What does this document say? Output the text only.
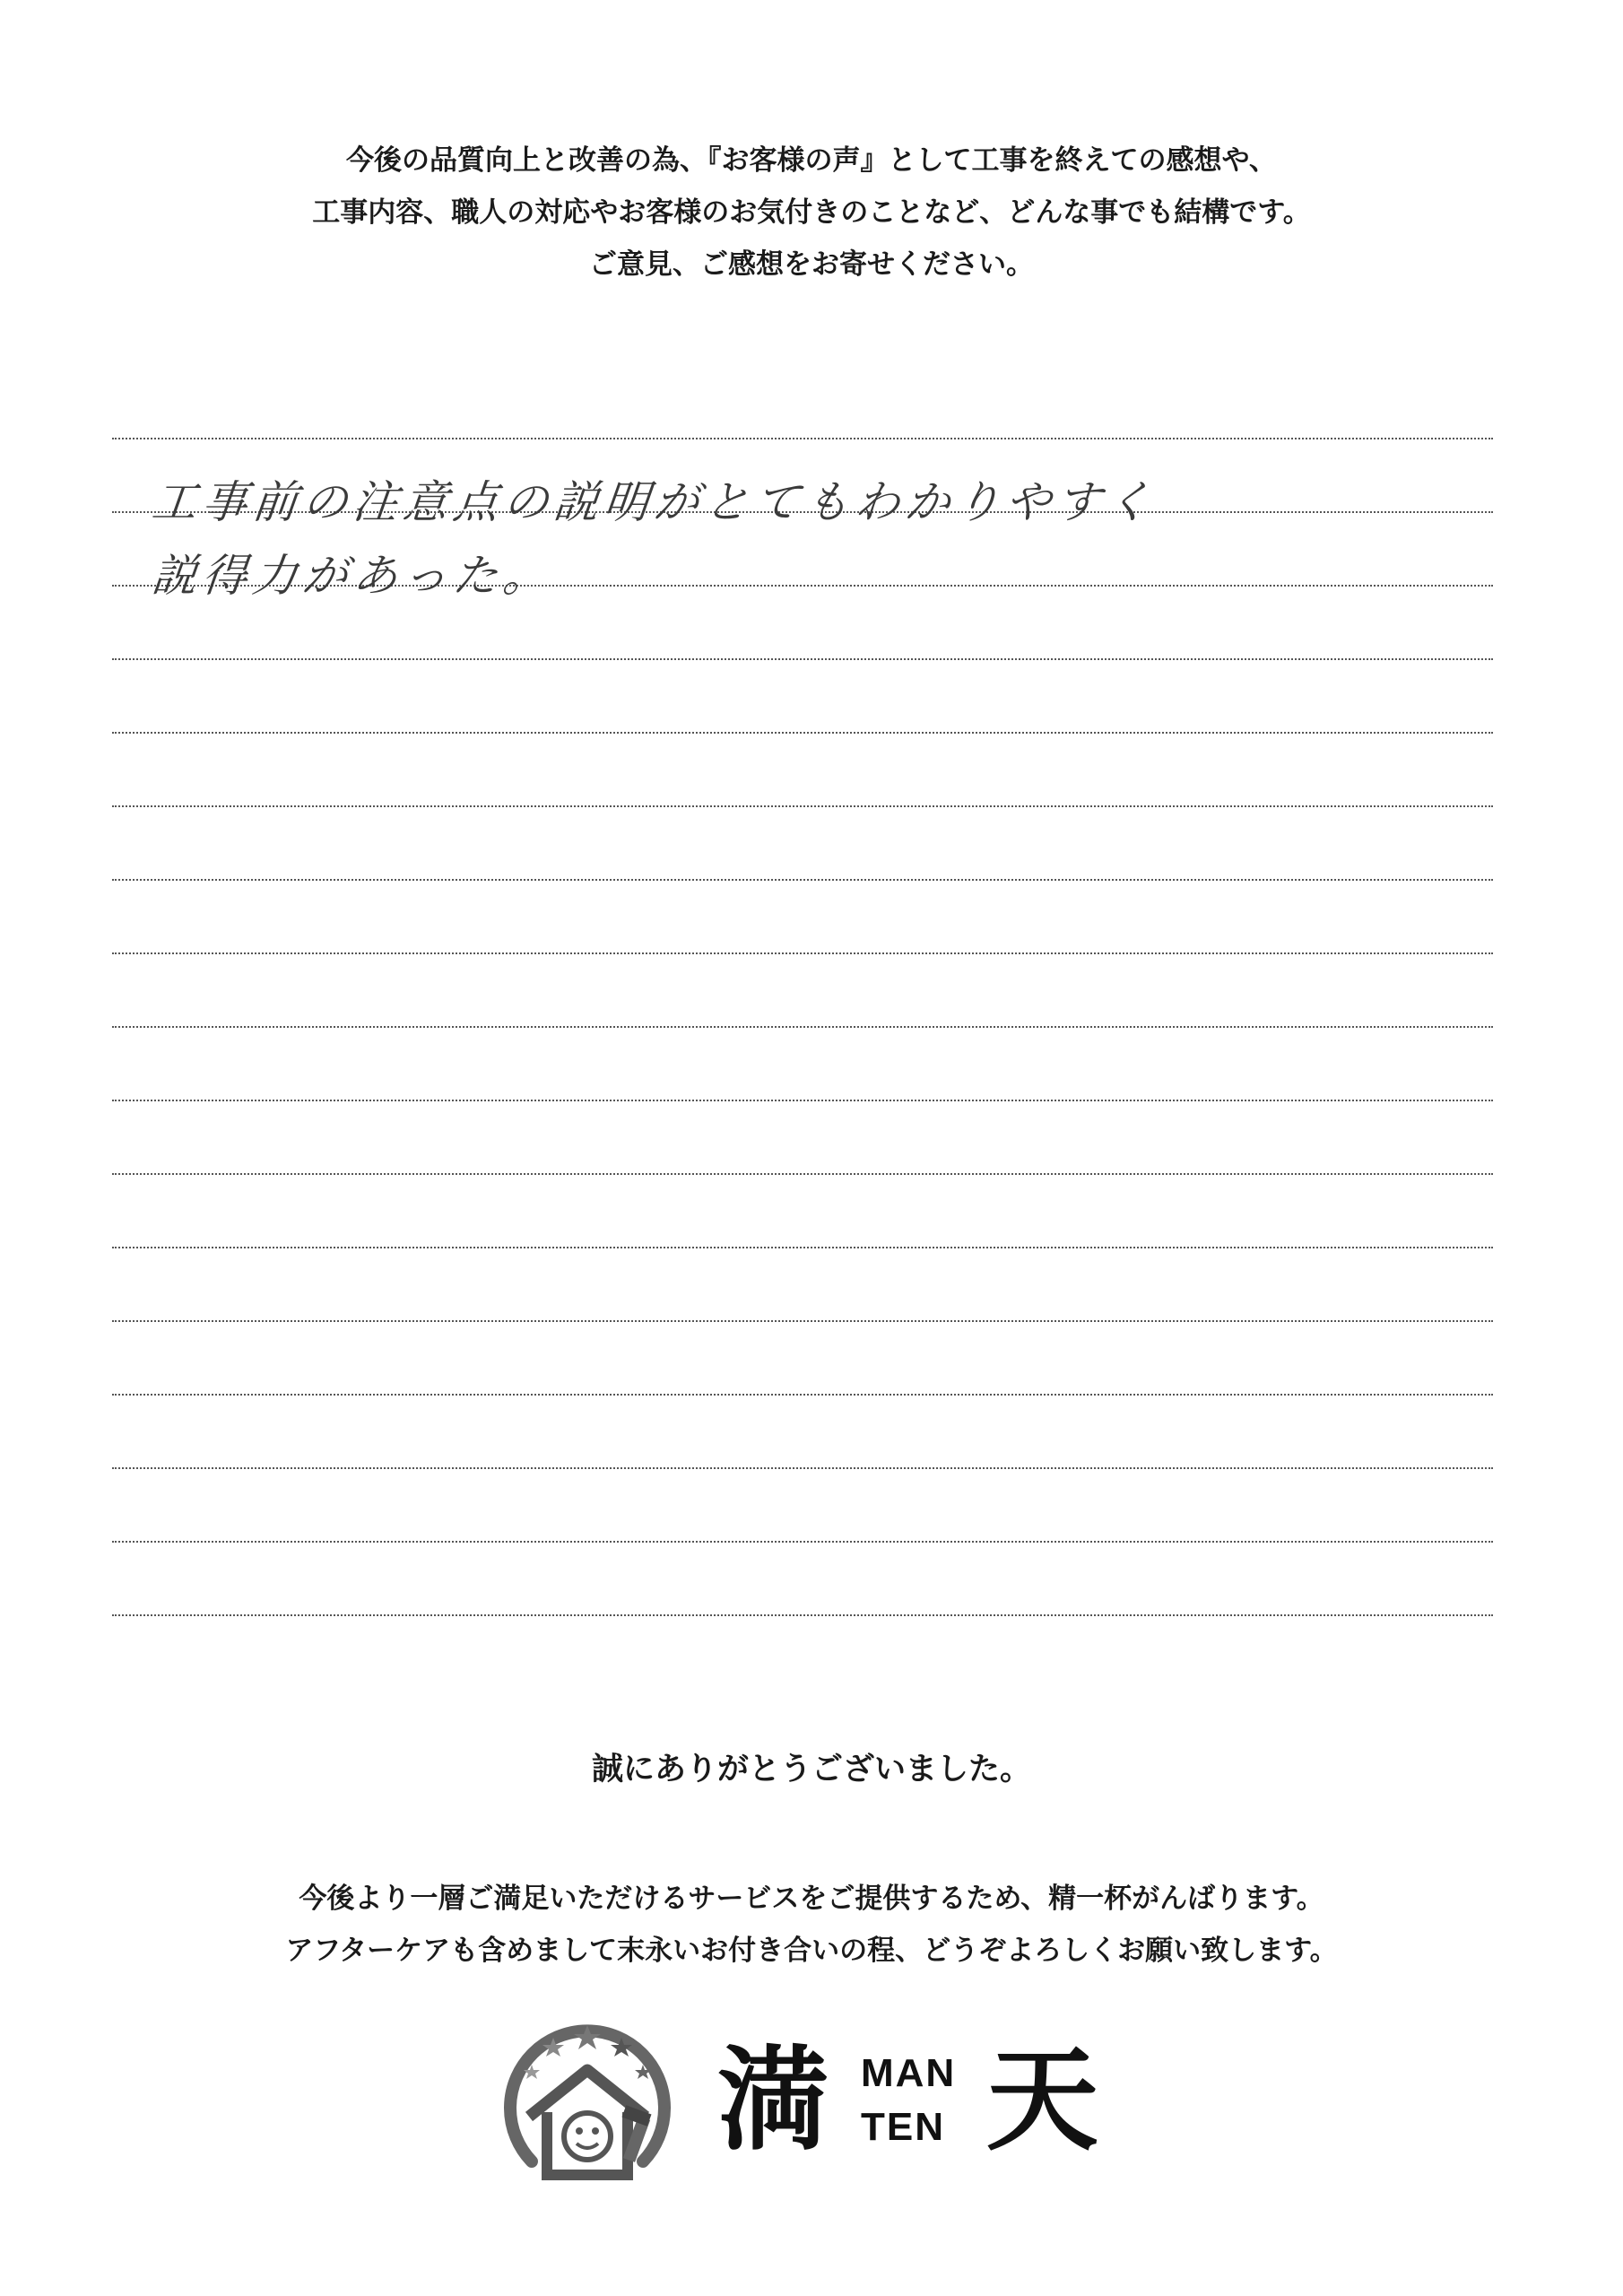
今後の品質向上と改善の為、『お客様の声』として工事を終えての感想や、
工事内容、職人の対応やお客様のお気付きのことなど、どんな事でも結構です。
ご意見、ご感想をお寄せください。
工事前の注意点の説明がとてもわかりやすく
説得力があった。
誠にありがとうございました。
今後より一層ご満足いただけるサービスをご提供するため、精一杯がんばります。
アフターケアも含めまして末永いお付き合いの程、どうぞよろしくお願い致します。
満 MAN
TEN 天
